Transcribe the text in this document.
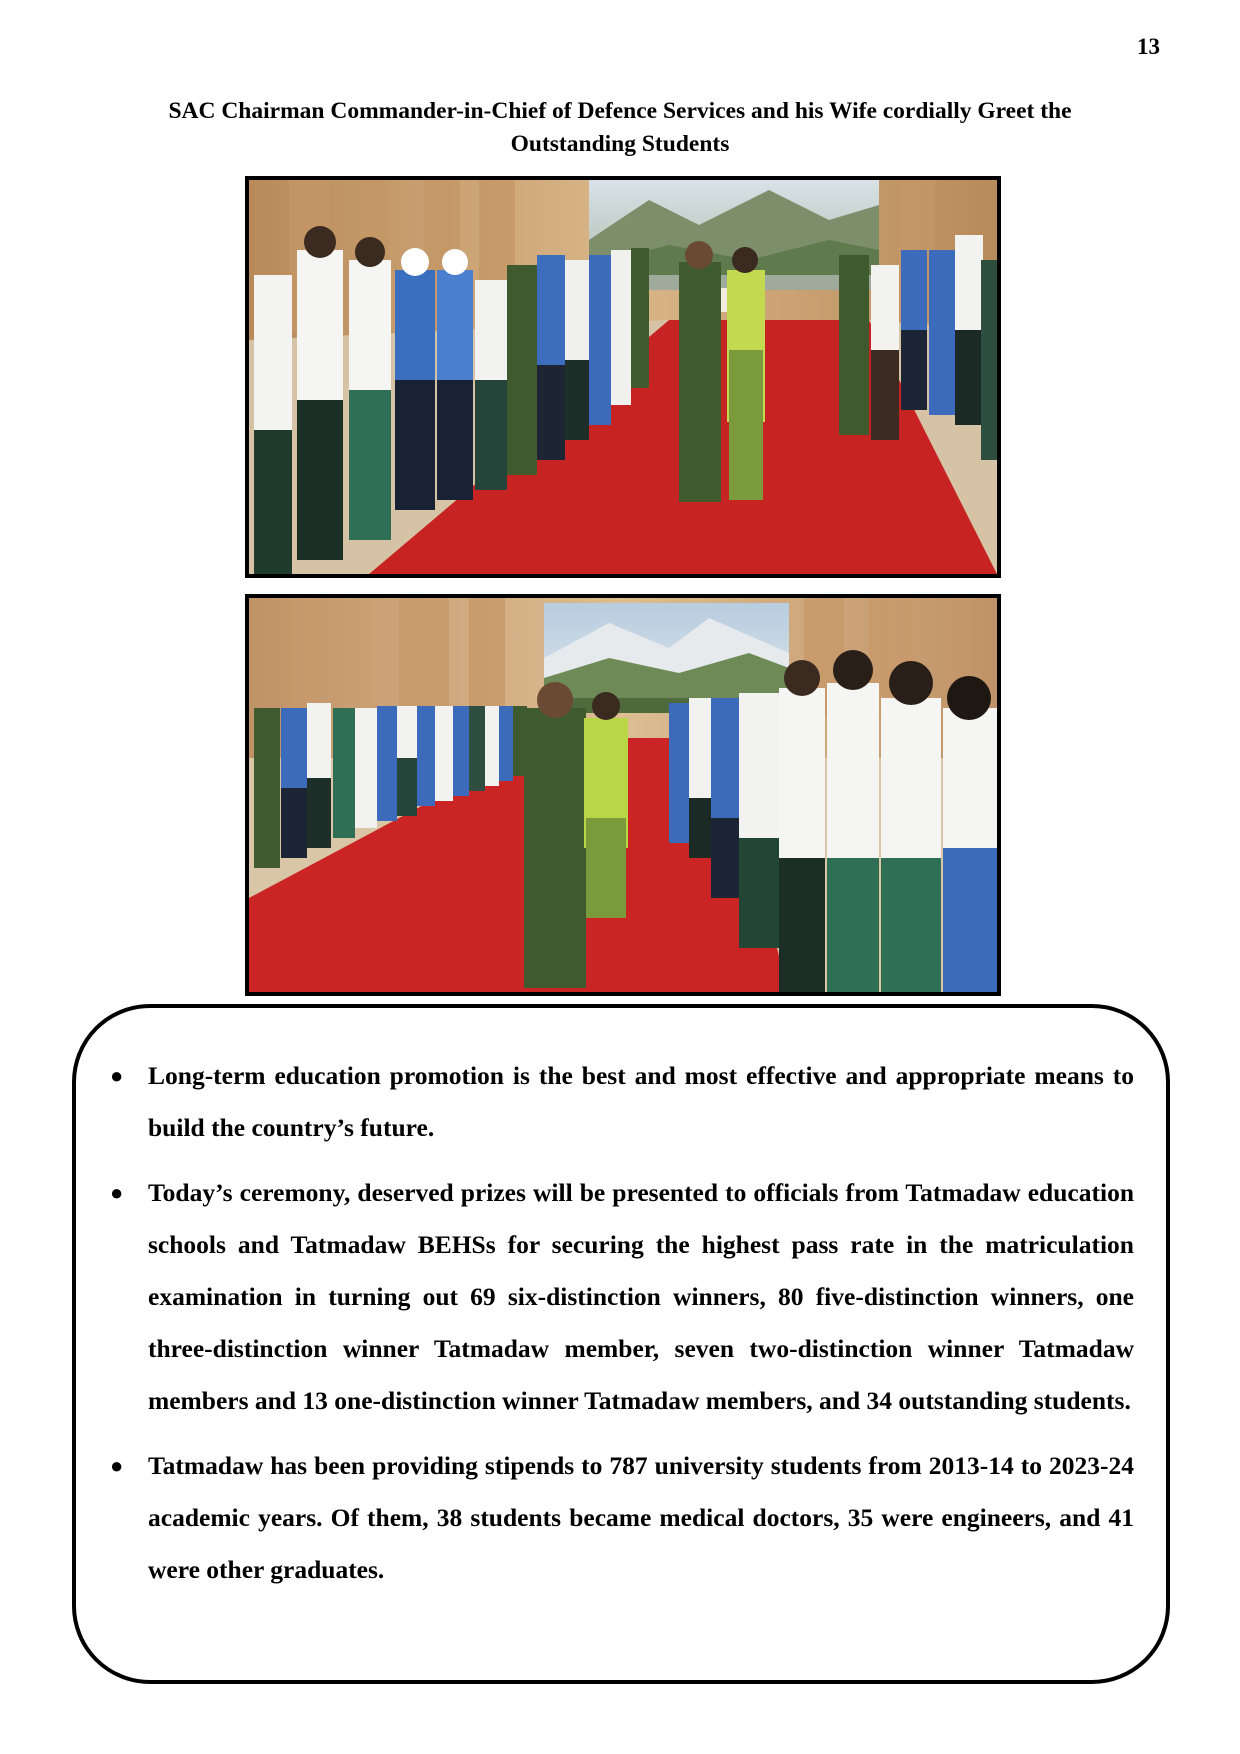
13
SAC Chairman Commander-in-Chief of Defence Services and his Wife cordially Greet the Outstanding Students
● Long-term education promotion is the best and most effective and appropriate means to build the country’s future.
● Today’s ceremony, deserved prizes will be presented to officials from Tatmadaw education schools and Tatmadaw BEHSs for securing the highest pass rate in the matriculation examination in turning out 69 six-distinction winners, 80 five-distinction winners, one three-distinction winner Tatmadaw member, seven two-distinction winner Tatmadaw members and 13 one-distinction winner Tatmadaw members, and 34 outstanding students.
● Tatmadaw has been providing stipends to 787 university students from 2013-14 to 2023-24 academic years. Of them, 38 students became medical doctors, 35 were engineers, and 41 were other graduates.
